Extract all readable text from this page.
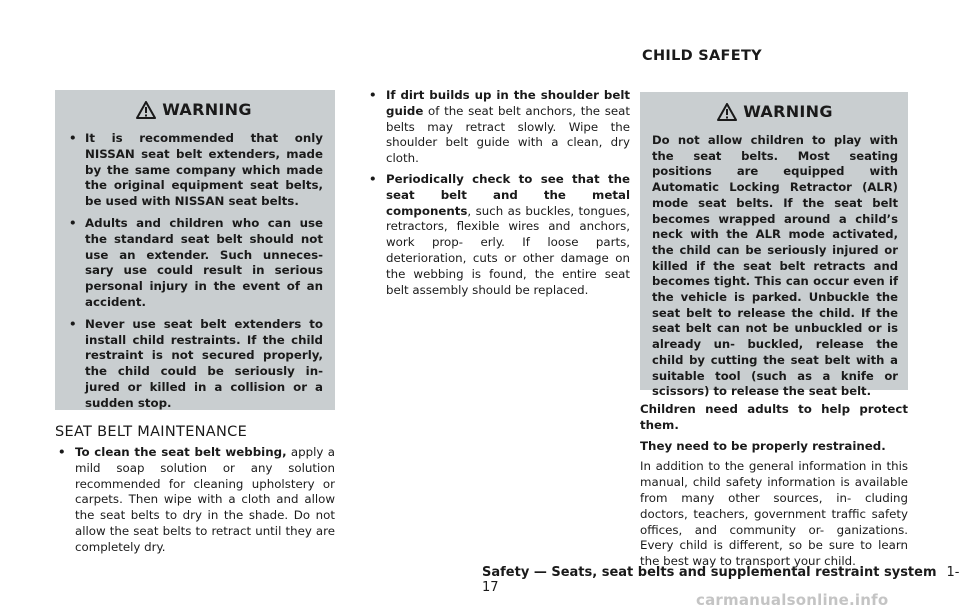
CHILD SAFETY
WARNING
• It is recommended that only NISSAN seat belt extenders, made by the same company which made the original equipment seat belts, be used with NISSAN seat belts.
• Adults and children who can use the standard seat belt should not use an extender. Such unneces- sary use could result in serious personal injury in the event of an accident.
• Never use seat belt extenders to install child restraints. If the child restraint is not secured properly, the child could be seriously in- jured or killed in a collision or a sudden stop.
SEAT BELT MAINTENANCE
• To clean the seat belt webbing, apply a mild soap solution or any solution recommended for cleaning upholstery or carpets. Then wipe with a cloth and allow the seat belts to dry in the shade. Do not allow the seat belts to retract until they are completely dry.
• If dirt builds up in the shoulder belt guide of the seat belt anchors, the seat belts may retract slowly. Wipe the shoulder belt guide with a clean, dry cloth.
• Periodically check to see that the seat belt and the metal components, such as buckles, tongues, retractors, flexible wires and anchors, work prop- erly. If loose parts, deterioration, cuts or other damage on the webbing is found, the entire seat belt assembly should be replaced.
WARNING
Do not allow children to play with the seat belts. Most seating positions are equipped with Automatic Locking Retractor (ALR) mode seat belts. If the seat belt becomes wrapped around a child’s neck with the ALR mode activated, the child can be seriously injured or killed if the seat belt retracts and becomes tight. This can occur even if the vehicle is parked. Unbuckle the seat belt to release the child. If the seat belt can not be unbuckled or is already un- buckled, release the child by cutting the seat belt with a suitable tool (such as a knife or scissors) to release the seat belt.

Children need adults to help protect them.

They need to be properly restrained.

In addition to the general information in this manual, child safety information is available from many other sources, in- cluding doctors, teachers, government traffic safety offices, and community or- ganizations. Every child is different, so be sure to learn the best way to transport your child.

Safety — Seats, seat belts and supplemental restraint system 1-17
carmanualsonline.info
